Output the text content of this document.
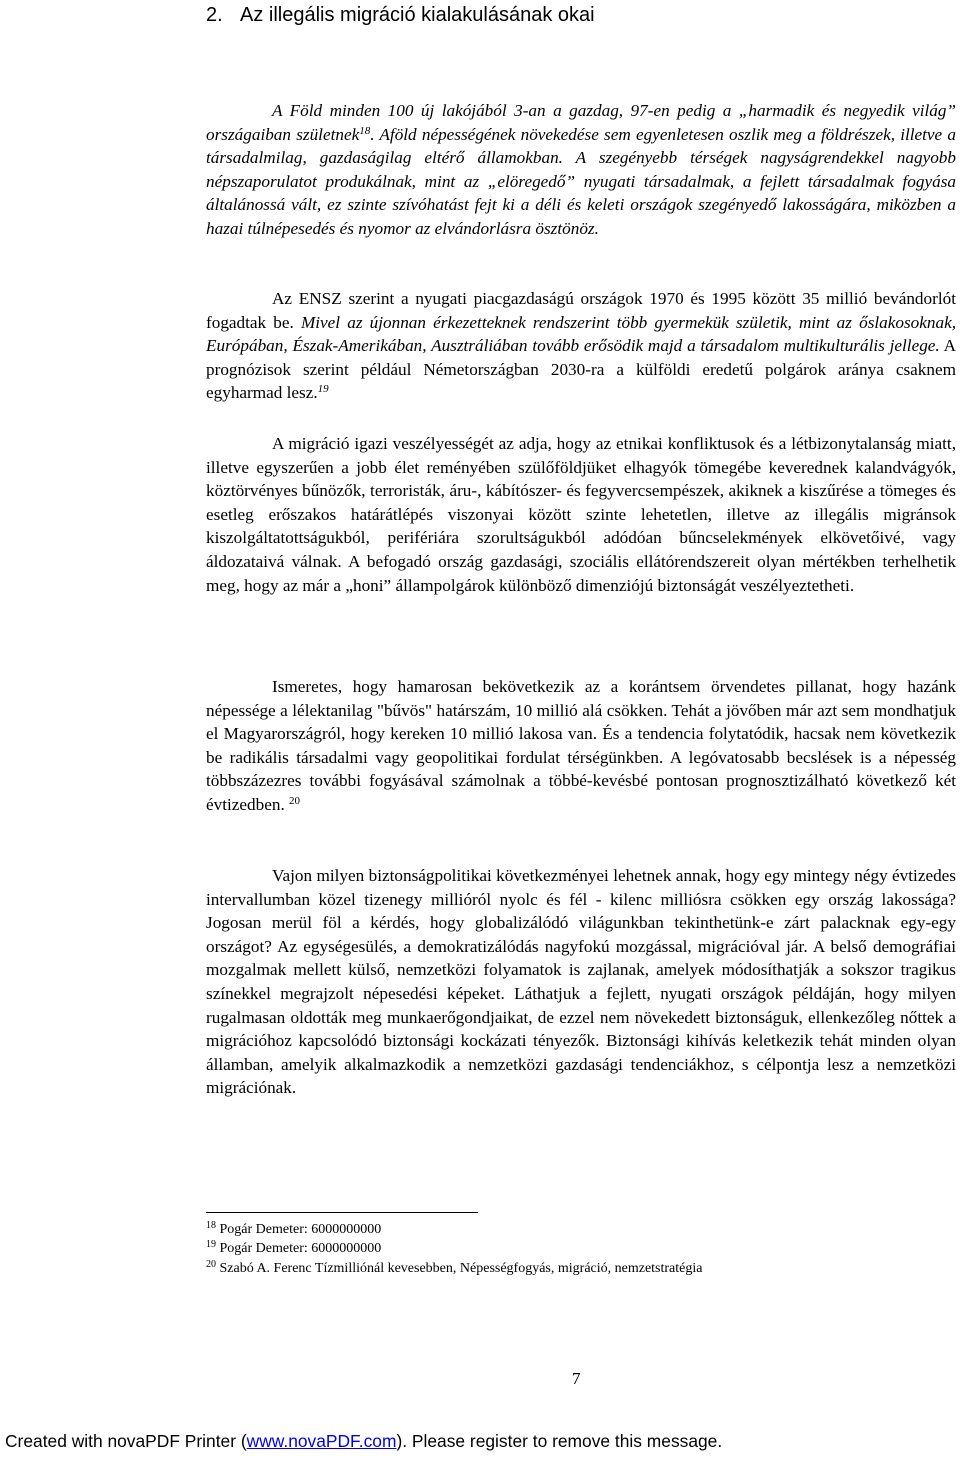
2. Az illegális migráció kialakulásának okai

A Föld minden 100 új lakójából 3-an a gazdag, 97-en pedig a „harmadik és negyedik világ” országaiban születnek$^{18}$. Aföld népességének növekedése sem egyenletesen oszlik meg a földrészek, illetve a társadalmilag, gazdaságilag eltérő államokban. A szegényebb térségek nagyságrendekkel nagyobb népszaporulatot produkálnak, mint az „elöregedő” nyugati társadalmak, a fejlett társadalmak fogyása általánossá vált, ez szinte szívóhatást fejt ki a déli és keleti országok szegényedő lakosságára, miközben a hazai túlnépesedés és nyomor az elvándorlásra ösztönöz.

Az ENSZ szerint a nyugati piacgazdaságú országok 1970 és 1995 között 35 millió bevándorlót fogadtak be. Mivel az újonnan érkezetteknek rendszerint több gyermekük születik, mint az őslakosoknak, Európában, Észak-Amerikában, Ausztráliában tovább erősödik majd a társadalom multikulturális jellege. A prognózisok szerint például Németországban 2030-ra a külföldi eredetű polgárok aránya csaknem egyharmad lesz.$^{19}$

A migráció igazi veszélyességét az adja, hogy az etnikai konfliktusok és a létbizonytalanság miatt, illetve egyszerűen a jobb élet reményében szülőföldjüket elhagyók tömegébe keverednek kalandvágyók, köztörvényes bűnözők, terroristák, áru-, kábítószer- és fegyvercsempészek, akiknek a kiszűrése a tömeges és esetleg erőszakos határátlépés viszonyai között szinte lehetetlen, illetve az illegális migránsok kiszolgáltatottságukból, perifériára szorultságukból adódóan bűncselekmények elkövetőivé, vagy áldozataivá válnak. A befogadó ország gazdasági, szociális ellátórendszereit olyan mértékben terhelhetik meg, hogy az már a „honi” állampolgárok különböző dimenziójú biztonságát veszélyeztetheti.

Ismeretes, hogy hamarosan bekövetkezik az a korántsem örvendetes pillanat, hogy hazánk népessége a lélektanilag "bűvös" határszám, 10 millió alá csökken. Tehát a jövőben már azt sem mondhatjuk el Magyarországról, hogy kereken 10 millió lakosa van. És a tendencia folytatódik, hacsak nem következik be radikális társadalmi vagy geopolitikai fordulat térségünkben. A legóvatosabb becslések is a népesség többszázezres további fogyásával számolnak a többé-kevésbé pontosan prognosztizálható következő két évtizedben. $^{20}$

Vajon milyen biztonságpolitikai következményei lehetnek annak, hogy egy mintegy négy évtizedes intervallumban közel tizenegy millióról nyolc és fél - kilenc milliósra csökken egy ország lakossága? Jogosan merül föl a kérdés, hogy globalizálódó világunkban tekinthetünk-e zárt palacknak egy-egy országot? Az egységesülés, a demokratizálódás nagyfokú mozgással, migrációval jár. A belső demográfiai mozgalmak mellett külső, nemzetközi folyamatok is zajlanak, amelyek módosíthatják a sokszor tragikus színekkel megrajzolt népesedési képeket. Láthatjuk a fejlett, nyugati országok példáján, hogy milyen rugalmasan oldották meg munkaerőgondjaikat, de ezzel nem növekedett biztonságuk, ellenkezőleg nőttek a migrációhoz kapcsolódó biztonsági kockázati tényezők. Biztonsági kihívás keletkezik tehát minden olyan államban, amelyik alkalmazkodik a nemzetközi gazdasági tendenciákhoz, s célpontja lesz a nemzetközi migrációnak.

$^{18}$ Pogár Demeter: 6000000000
$^{19}$ Pogár Demeter: 6000000000
$^{20}$ Szabó A. Ferenc Tízmilliónál kevesebben, Népességfogyás, migráció, nemzetstratégia
7
Created with novaPDF Printer (www.novaPDF.com). Please register to remove this message.
